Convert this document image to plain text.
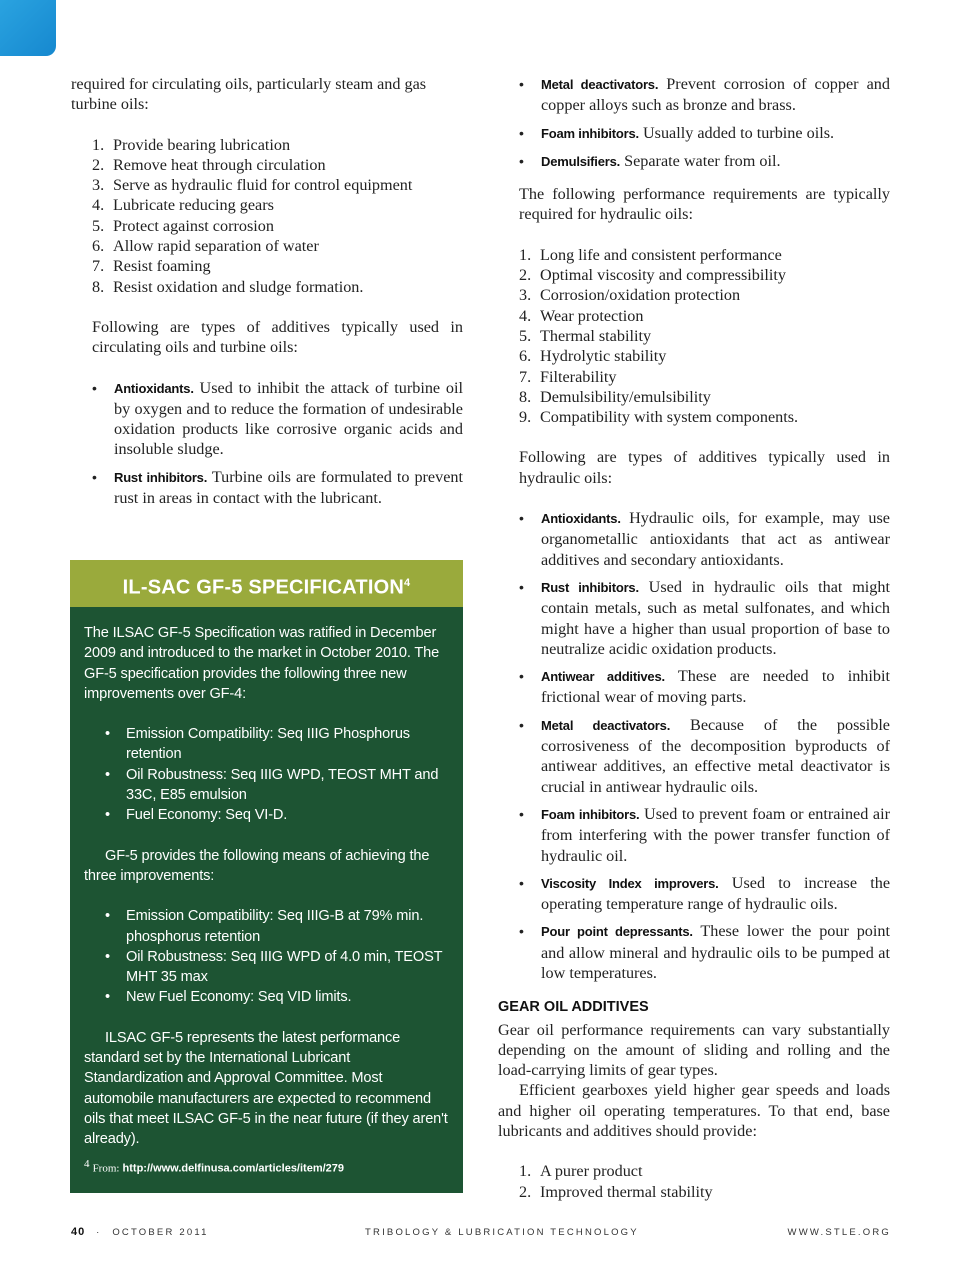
required for circulating oils, particularly steam and gas turbine oils:

1. Provide bearing lubrication
2. Remove heat through circulation
3. Serve as hydraulic fluid for control equipment
4. Lubricate reducing gears
5. Protect against corrosion
6. Allow rapid separation of water
7. Resist foaming
8. Resist oxidation and sludge formation.

Following are types of additives typically used in circulating oils and turbine oils:

• Antioxidants. Used to inhibit the attack of turbine oil by oxygen and to reduce the formation of undesirable oxidation products like corrosive organic acids and insoluble sludge.
• Rust inhibitors. Turbine oils are formulated to prevent rust in areas in contact with the lubricant.
IL-SAC GF-5 SPECIFICATION$^4$

The ILSAC GF-5 Specification was ratified in December 2009 and introduced to the market in October 2010. The GF-5 specification provides the following three new improvements over GF-4:

• Emission Compatibility: Seq IIIG Phosphorus retention
• Oil Robustness: Seq IIIG WPD, TEOST MHT and 33C, E85 emulsion
• Fuel Economy: Seq VI-D.

GF-5 provides the following means of achieving the three improvements:

• Emission Compatibility: Seq IIIG-B at 79% min. phosphorus retention
• Oil Robustness: Seq IIIG WPD of 4.0 min, TEOST MHT 35 max
• New Fuel Economy: Seq VID limits.

ILSAC GF-5 represents the latest performance standard set by the International Lubricant Standardization and Approval Committee. Most automobile manufacturers are expected to recommend oils that meet ILSAC GF-5 in the near future (if they aren't already).

$^4$ From: http://www.delfinusa.com/articles/item/279
• Metal deactivators. Prevent corrosion of copper and copper alloys such as bronze and brass.
• Foam inhibitors. Usually added to turbine oils.
• Demulsifiers. Separate water from oil.

The following performance requirements are typically required for hydraulic oils:

1. Long life and consistent performance
2. Optimal viscosity and compressibility
3. Corrosion/oxidation protection
4. Wear protection
5. Thermal stability
6. Hydrolytic stability
7. Filterability
8. Demulsibility/emulsibility
9. Compatibility with system components.

Following are types of additives typically used in hydraulic oils:

• Antioxidants. Hydraulic oils, for example, may use organometallic antioxidants that act as antiwear additives and secondary antioxidants.
• Rust inhibitors. Used in hydraulic oils that might contain metals, such as metal sulfonates, and which might have a higher than usual proportion of base to neutralize acidic oxidation products.
• Antiwear additives. These are needed to inhibit frictional wear of moving parts.
• Metal deactivators. Because of the possible corrosiveness of the decomposition byproducts of antiwear additives, an effective metal deactivator is crucial in antiwear hydraulic oils.
• Foam inhibitors. Used to prevent foam or entrained air from interfering with the power transfer function of hydraulic oil.
• Viscosity Index improvers. Used to increase the operating temperature range of hydraulic oils.
• Pour point depressants. These lower the pour point and allow mineral and hydraulic oils to be pumped at low temperatures.
GEAR OIL ADDITIVES

Gear oil performance requirements can vary substantially depending on the amount of sliding and rolling and the load-carrying limits of gear types.

Efficient gearboxes yield higher gear speeds and loads and higher oil operating temperatures. To that end, base lubricants and additives should provide:

1. A purer product
2. Improved thermal stability
40 · OCTOBER 2011	TRIBOLOGY & LUBRICATION TECHNOLOGY	WWW.STLE.ORG
